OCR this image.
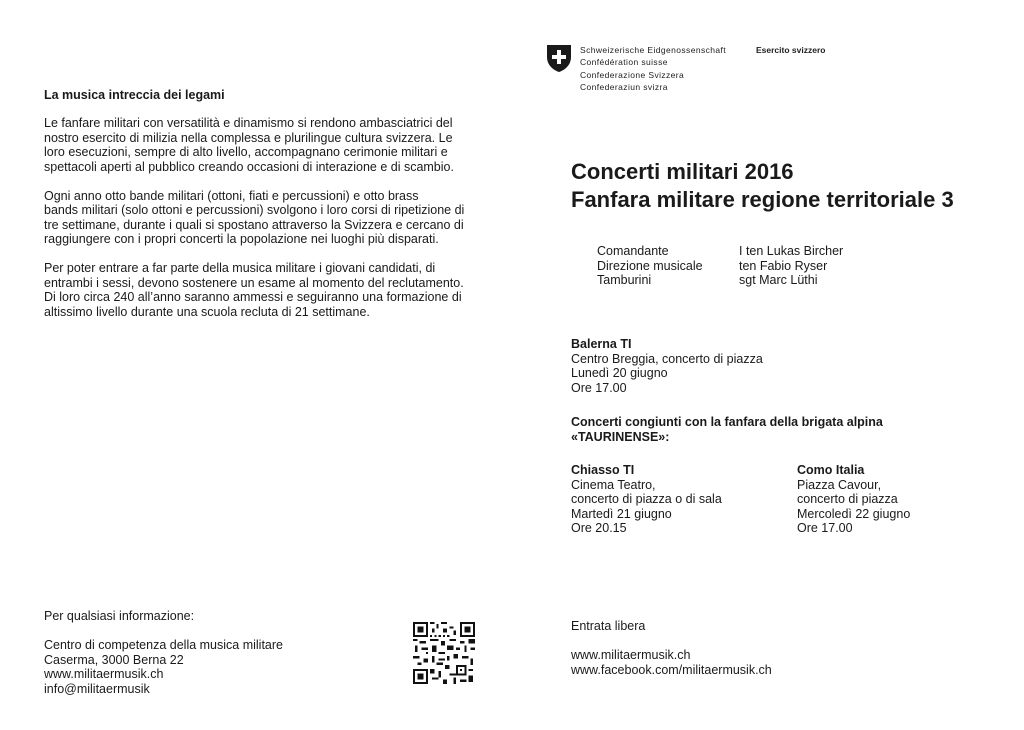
La musica intreccia dei legami

Le fanfare militari con versatilità e dinamismo si rendono ambasciatrici del
nostro esercito di milizia nella complessa e plurilingue cultura svizzera. Le
loro esecuzioni, sempre di alto livello, accompagnano cerimonie militari e
spettacoli aperti al pubblico creando occasioni di interazione e di scambio.

Ogni anno otto bande militari (ottoni, fiati e percussioni) e otto brass
bands militari (solo ottoni e percussioni) svolgono i loro corsi di ripetizione di
tre settimane, durante i quali si spostano attraverso la Svizzera e cercano di
raggiungere con i propri concerti la popolazione nei luoghi più disparati.

Per poter entrare a far parte della musica militare i giovani candidati, di
entrambi i sessi, devono sostenere un esame al momento del reclutamento.
Di loro circa 240 all’anno saranno ammessi e seguiranno una formazione di
altissimo livello durante una scuola recluta di 21 settimane.

Per qualsiasi informazione:
Centro di competenza della musica militare
Caserma, 3000 Berna 22
www.militaermusik.ch
info@militaermusik
Schweizerische Eidgenossenschaft
Confédération suisse
Confederazione Svizzera
Confederaziun svizra
Esercito svizzero
Concerti militari 2016
Fanfara militare regione territoriale 3
Comandante	I ten Lukas Bircher
Direzione musicale	ten Fabio Ryser
Tamburini	sgt Marc Lüthi
Balerna TI
Centro Breggia, concerto di piazza
Lunedì 20 giugno
Ore 17.00
Concerti congiunti con la fanfara della brigata alpina
«TAURINENSE»:
Chiasso TI
Cinema Teatro,
concerto di piazza o di sala
Martedì 21 giugno
Ore 20.15
Como Italia
Piazza Cavour,
concerto di piazza
Mercoledì 22 giugno
Ore 17.00
Entrata libera
www.militaermusik.ch
www.facebook.com/militaermusik.ch
